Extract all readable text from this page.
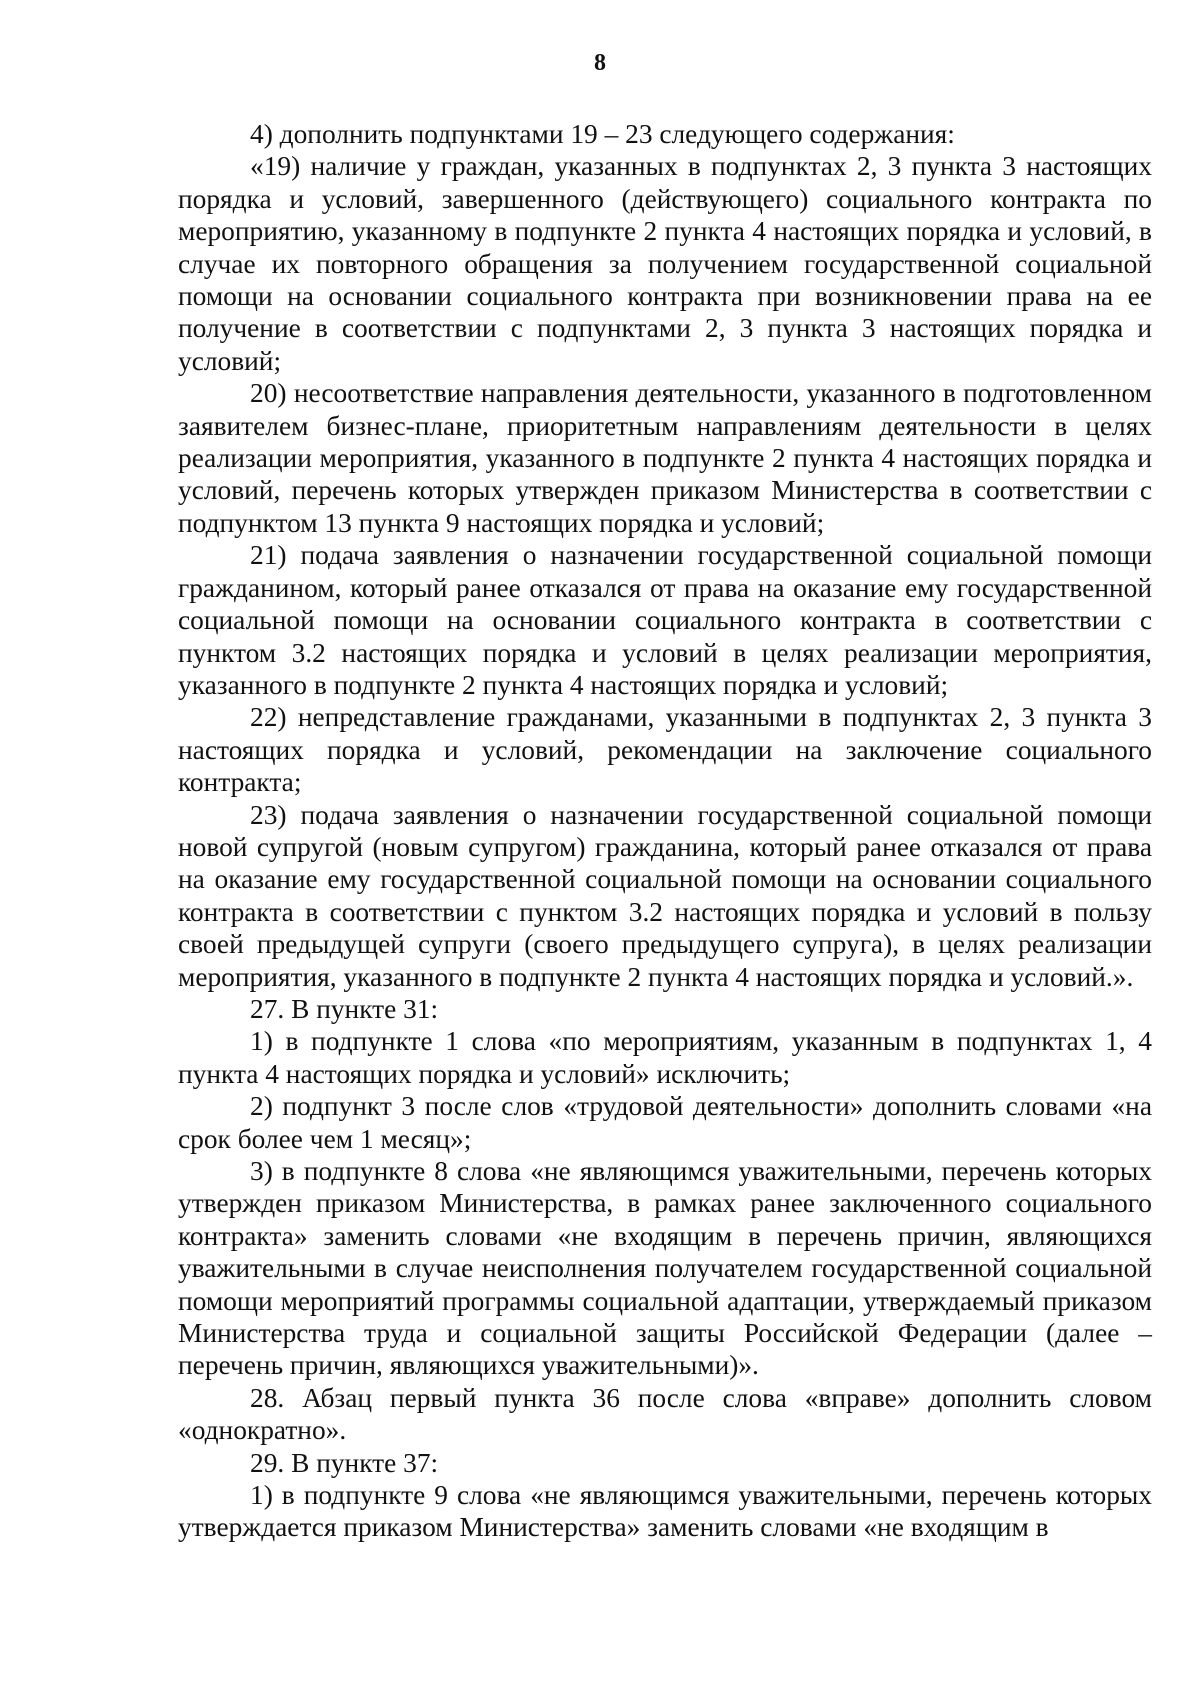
8

4) дополнить подпунктами 19 – 23 следующего содержания:

«19) наличие у граждан, указанных в подпунктах 2, 3 пункта 3 настоящих порядка и условий, завершенного (действующего) социального контракта по мероприятию, указанному в подпункте 2 пункта 4 настоящих порядка и условий, в случае их повторного обращения за получением государственной социальной помощи на основании социального контракта при возникновении права на ее получение в соответствии с подпунктами 2, 3 пункта 3 настоящих порядка и условий;

20) несоответствие направления деятельности, указанного в подготовленном заявителем бизнес-плане, приоритетным направлениям деятельности в целях реализации мероприятия, указанного в подпункте 2 пункта 4 настоящих порядка и условий, перечень которых утвержден приказом Министерства в соответствии с подпунктом 13 пункта 9 настоящих порядка и условий;

21) подача заявления о назначении государственной социальной помощи гражданином, который ранее отказался от права на оказание ему государственной социальной помощи на основании социального контракта в соответствии с пунктом 3.2 настоящих порядка и условий в целях реализации мероприятия, указанного в подпункте 2 пункта 4 настоящих порядка и условий;

22) непредставление гражданами, указанными в подпунктах 2, 3 пункта 3 настоящих порядка и условий, рекомендации на заключение социального контракта;

23) подача заявления о назначении государственной социальной помощи новой супругой (новым супругом) гражданина, который ранее отказался от права на оказание ему государственной социальной помощи на основании социального контракта в соответствии с пунктом 3.2 настоящих порядка и условий в пользу своей предыдущей супруги (своего предыдущего супруга), в целях реализации мероприятия, указанного в подпункте 2 пункта 4 настоящих порядка и условий.».

27. В пункте 31:

1) в подпункте 1 слова «по мероприятиям, указанным в подпунктах 1, 4 пункта 4 настоящих порядка и условий» исключить;

2) подпункт 3 после слов «трудовой деятельности» дополнить словами «на срок более чем 1 месяц»;

3) в подпункте 8 слова «не являющимся уважительными, перечень которых утвержден приказом Министерства, в рамках ранее заключенного социального контракта» заменить словами «не входящим в перечень причин, являющихся уважительными в случае неисполнения получателем государственной социальной помощи мероприятий программы социальной адаптации, утверждаемый приказом Министерства труда и социальной защиты Российской Федерации (далее – перечень причин, являющихся уважительными)».

28. Абзац первый пункта 36 после слова «вправе» дополнить словом «однократно».

29. В пункте 37:

1) в подпункте 9 слова «не являющимся уважительными, перечень которых утверждается приказом Министерства» заменить словами «не входящим в
